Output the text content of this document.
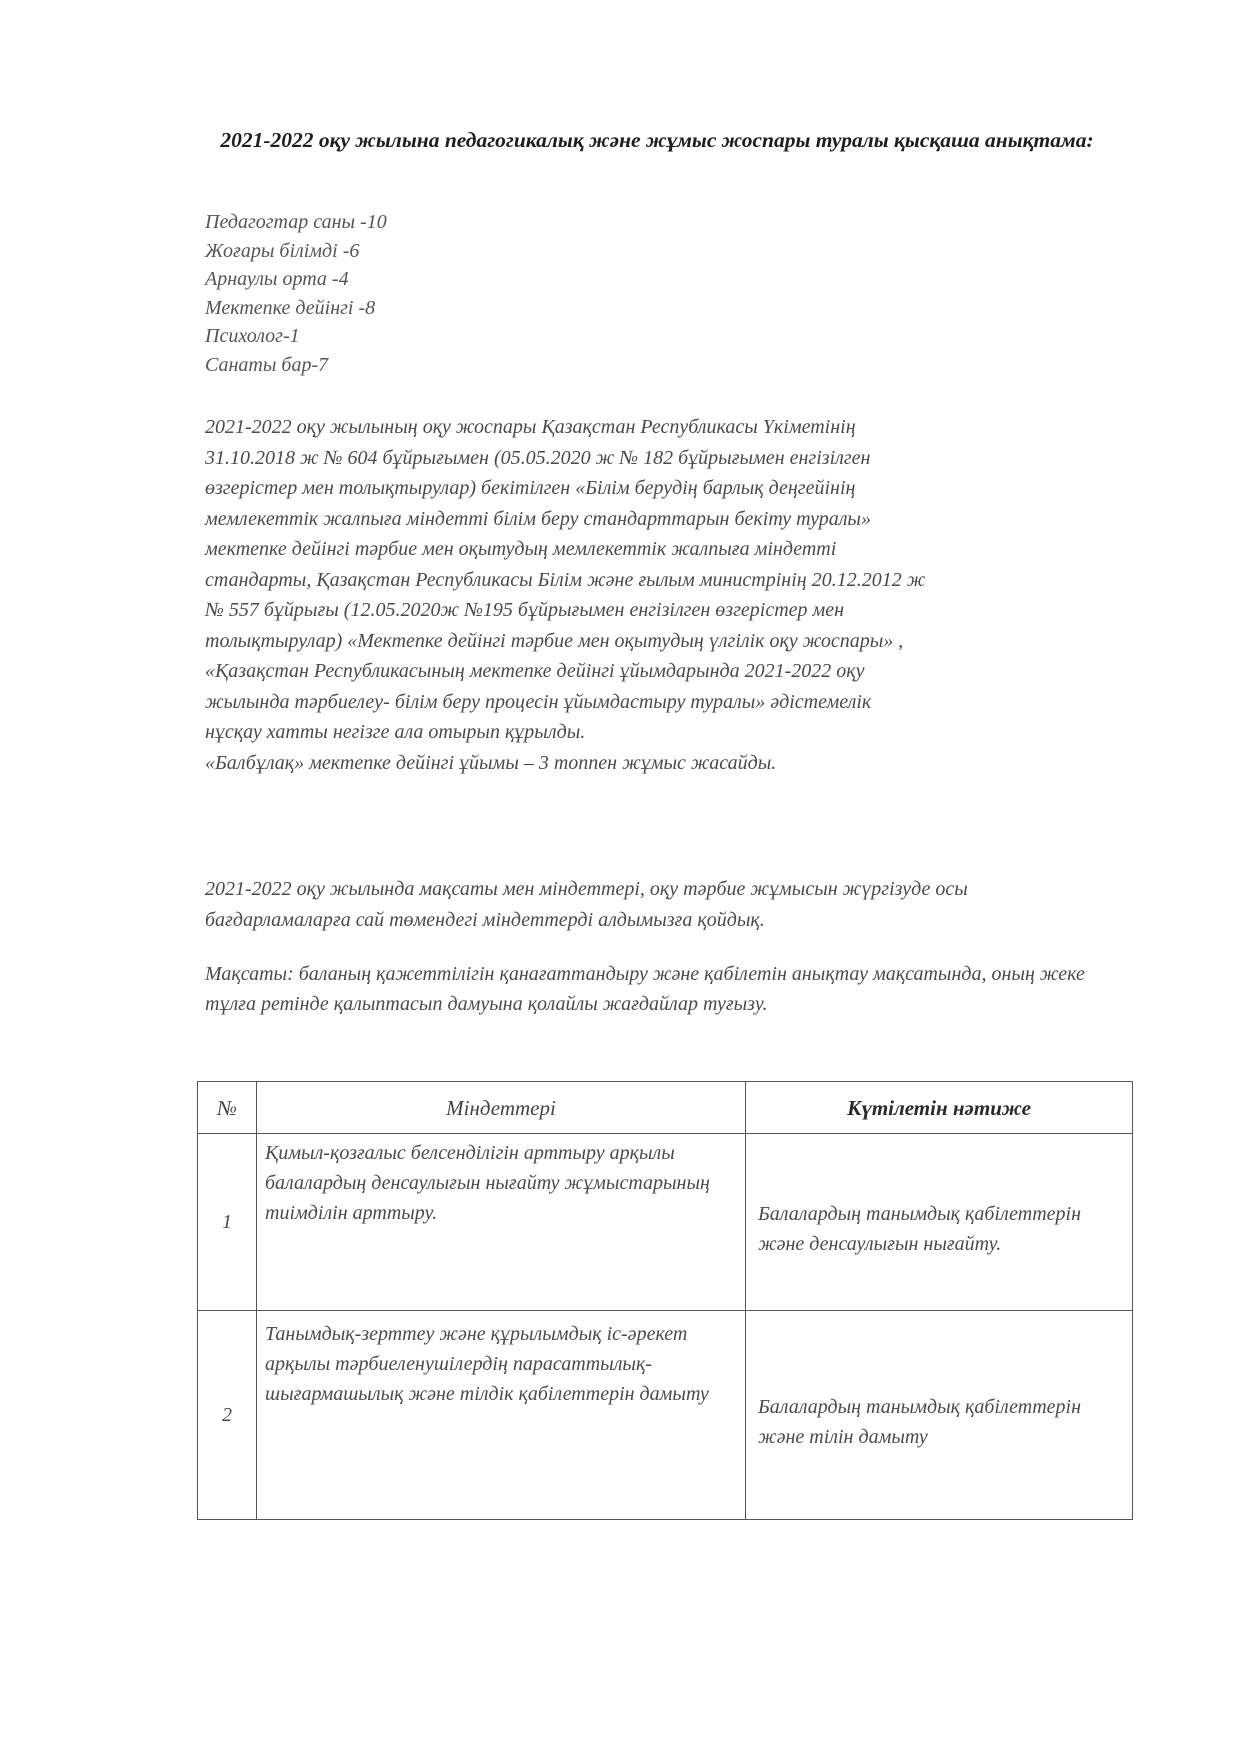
2021-2022 оқу жылына педагогикалық және жұмыс жоспары туралы қысқаша анықтама:
Педагогтар саны -10
Жоғары білімді -6
Арнаулы орта -4
Мектепке дейінгі -8
Психолог-1
Санаты бар-7
2021-2022 оқу жылының оқу жоспары Қазақстан Республикасы Үкіметінің
31.10.2018 ж № 604 бұйрығымен (05.05.2020 ж № 182 бұйрығымен енгізілген
өзгерістер мен толықтырулар) бекітілген «Білім берудің барлық деңгейінің
мемлекеттік жалпыға міндетті білім беру стандарттарын бекіту туралы»
мектепке дейінгі тәрбие мен оқытудың мемлекеттік жалпыға міндетті
стандарты, Қазақстан Республикасы Білім және ғылым министрінің 20.12.2012 ж
№ 557 бұйрығы (12.05.2020ж №195 бұйрығымен енгізілген өзгерістер мен
толықтырулар) «Мектепке дейінгі тәрбие мен оқытудың үлгілік оқу жоспары» ,
«Қазақстан Республикасының мектепке дейінгі ұйымдарында 2021-2022 оқу
жылында тәрбиелеу- білім беру процесін ұйымдастыру туралы» әдістемелік
нұсқау хатты негізге ала отырып құрылды.
«Балбұлақ» мектепке дейінгі ұйымы – 3 топпен жұмыс жасайды.
2021-2022 оқу жылында мақсаты мен міндеттері, оқу тәрбие жұмысын жүргізуде осы бағдарламаларға сай төмендегі міндеттерді алдымызға қойдық.
Мақсаты: баланың қажеттілігін қанағаттандыру және қабілетін анықтау мақсатында, оның жеке тұлға ретінде қалыптасып дамуына қолайлы жағдайлар туғызу.
№	Міндеттері	Күтілетін нәтиже
1	Қимыл-қозғалыс белсенділігін арттыру арқылы балалардың денсаулығын нығайту жұмыстарының тиімділін арттыру.	Балалардың танымдық қабілеттерін және денсаулығын нығайту.
2	Танымдық-зерттеу және құрылымдық іс-әрекет арқылы тәрбиеленушілердің парасаттылық-шығармашылық және тілдік қабілеттерін дамыту	Балалардың танымдық қабілеттерін және тілін дамыту
